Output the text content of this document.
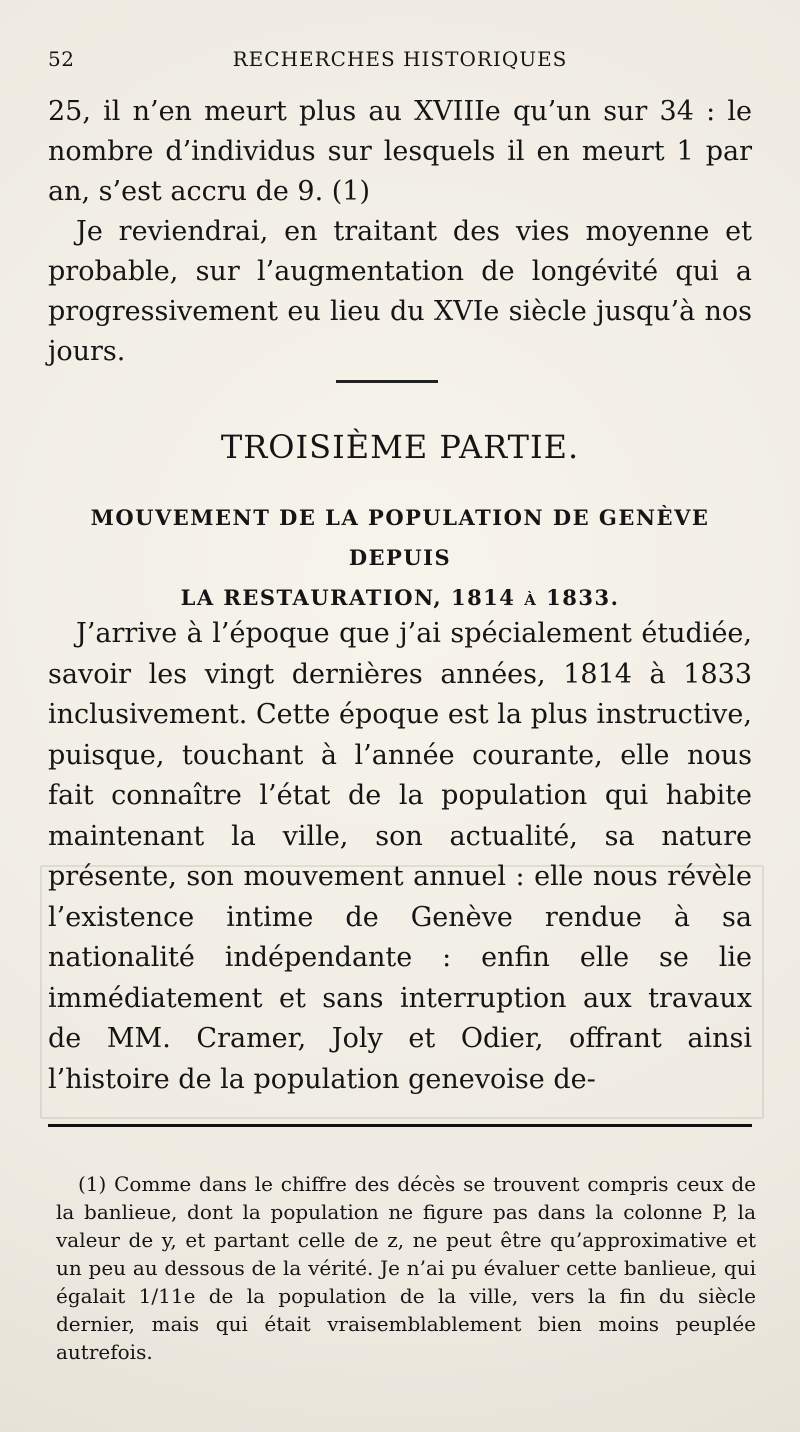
52	RECHERCHES HISTORIQUES

25, il n’en meurt plus au XVIIIe qu’un sur 34 : le nombre d’individus sur lesquels il en meurt 1 par an, s’est accru de 9. (1)

Je reviendrai, en traitant des vies moyenne et probable, sur l’augmentation de longévité qui a progressivement eu lieu du XVIe siècle jusqu’à nos jours.

TROISIÈME PARTIE.
MOUVEMENT DE LA POPULATION DE GENÈVE DEPUIS
LA RESTAURATION, 1814 à 1833.

J’arrive à l’époque que j’ai spécialement étudiée, savoir les vingt dernières années, 1814 à 1833 inclusivement. Cette époque est la plus instructive, puisque, touchant à l’année courante, elle nous fait connaître l’état de la population qui habite maintenant la ville, son actualité, sa nature présente, son mouvement annuel : elle nous révèle l’existence intime de Genève rendue à sa nationalité indépendante : enfin elle se lie immédiatement et sans interruption aux travaux de MM. Cramer, Joly et Odier, offrant ainsi l’histoire de la population genevoise de-

(1) Comme dans le chiffre des décès se trouvent compris ceux de la banlieue, dont la population ne figure pas dans la colonne P, la valeur de y, et partant celle de z, ne peut être qu’approximative et un peu au dessous de la vérité. Je n’ai pu évaluer cette banlieue, qui égalait 1/11e de la population de la ville, vers la fin du siècle dernier, mais qui était vraisemblablement bien moins peuplée autrefois.
